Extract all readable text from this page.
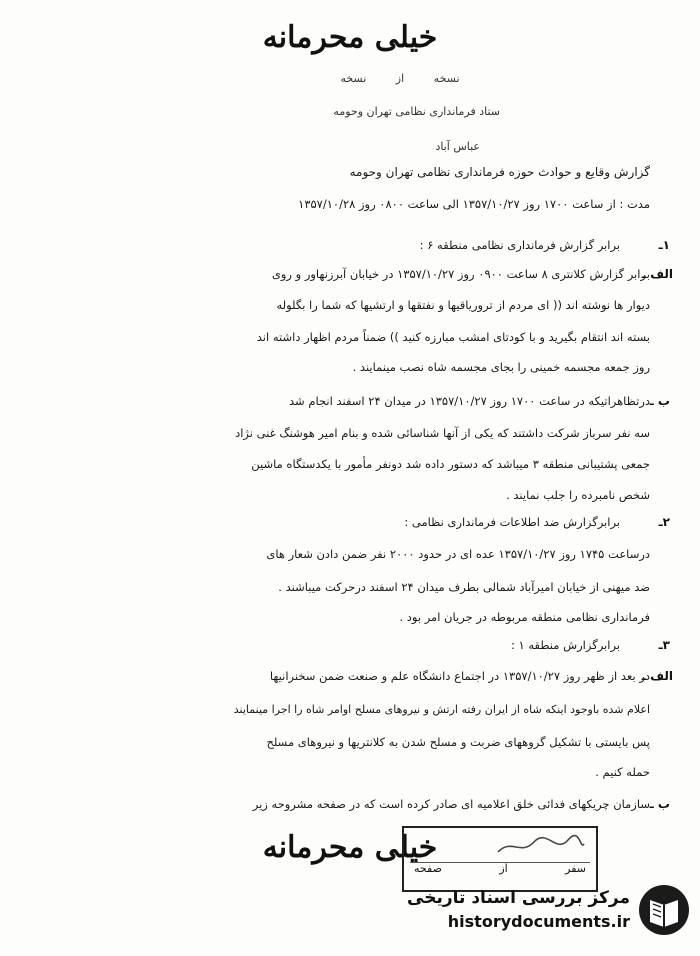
خیلی محرمانه
نسخه از نسخه
ستاد فرمانداری نظامی تهران وحومه
عباس آباد
گزارش وقایع و حوادث حوزه فرمانداری نظامی تهران وحومه
مدت : از ساعت ۱۷۰۰ روز ۱۳۵۷/۱۰/۲۷ الی ساعت ۰۸۰۰ روز ۱۳۵۷/۱۰/۲۸
۱ـ
برابر گزارش فرمانداری نظامی منطقه ۶ :
الف ـ
برابر گزارش کلانتری ۸ ساعت ۰۹۰۰ روز ۱۳۵۷/۱۰/۲۷ در خیابان آبرزنهاور و روی
دیوار ها نوشته اند (( ای مردم از تروریاقیها و نفتقها و ارتشیها که شما را بگلوله
بسته اند انتقام بگیرید و با کودتای امشب مبارزه کنید )) ضمناً مردم اظهار داشته اند
روز جمعه مجسمه خمینی را بجای مجسمه شاه نصب مینمایند .
ب ـ
درتظاهراتیکه در ساعت ۱۷۰۰ روز ۱۳۵۷/۱۰/۲۷ در میدان ۲۴ اسفند انجام شد
سه نفر سرباز شرکت داشتند که یکی از آنها شناسائی شده و بنام امیر هوشنگ غنی نژاد
جمعی پشتیبانی منطقه ۳ میباشد که دستور داده شد دونفر مأمور با یکدستگاه ماشین
شخص نامبرده را جلب نمایند .
۲ـ
برابرگزارش ضد اطلاعات فرمانداری نظامی :
درساعت ۱۷۴۵ روز ۱۳۵۷/۱۰/۲۷ عده ای در حدود ۲۰۰۰ نفر ضمن دادن شعار های
ضد میهنی از خیابان امیرآباد شمالی بطرف میدان ۲۴ اسفند درحرکت میباشند .
فرمانداری نظامی منطقه مربوطه در جریان امر بود .
۳ـ
برابرگزارش منطقه ۱ :
الف ـ
در بعد از ظهر روز ۱۳۵۷/۱۰/۲۷ در اجتماع دانشگاه علم و صنعت ضمن سخنرانیها
اعلام شده باوجود اینکه شاه از ایران رفته ارتش و نیروهای مسلح اوامر شاه را اجرا مینمایند
پس بایستی با تشکیل گروههای ضربت و مسلح شدن به کلانتریها و نیروهای مسلح
حمله کنیم .
ب ـ
سازمان چریکهای فدائی خلق اعلامیه ای صادر کرده است که در صفحه مشروحه زیر
خیلی محرمانه
سفر
از
صفحه
مرکز بررسی اسناد تاریخی
historydocuments.ir
